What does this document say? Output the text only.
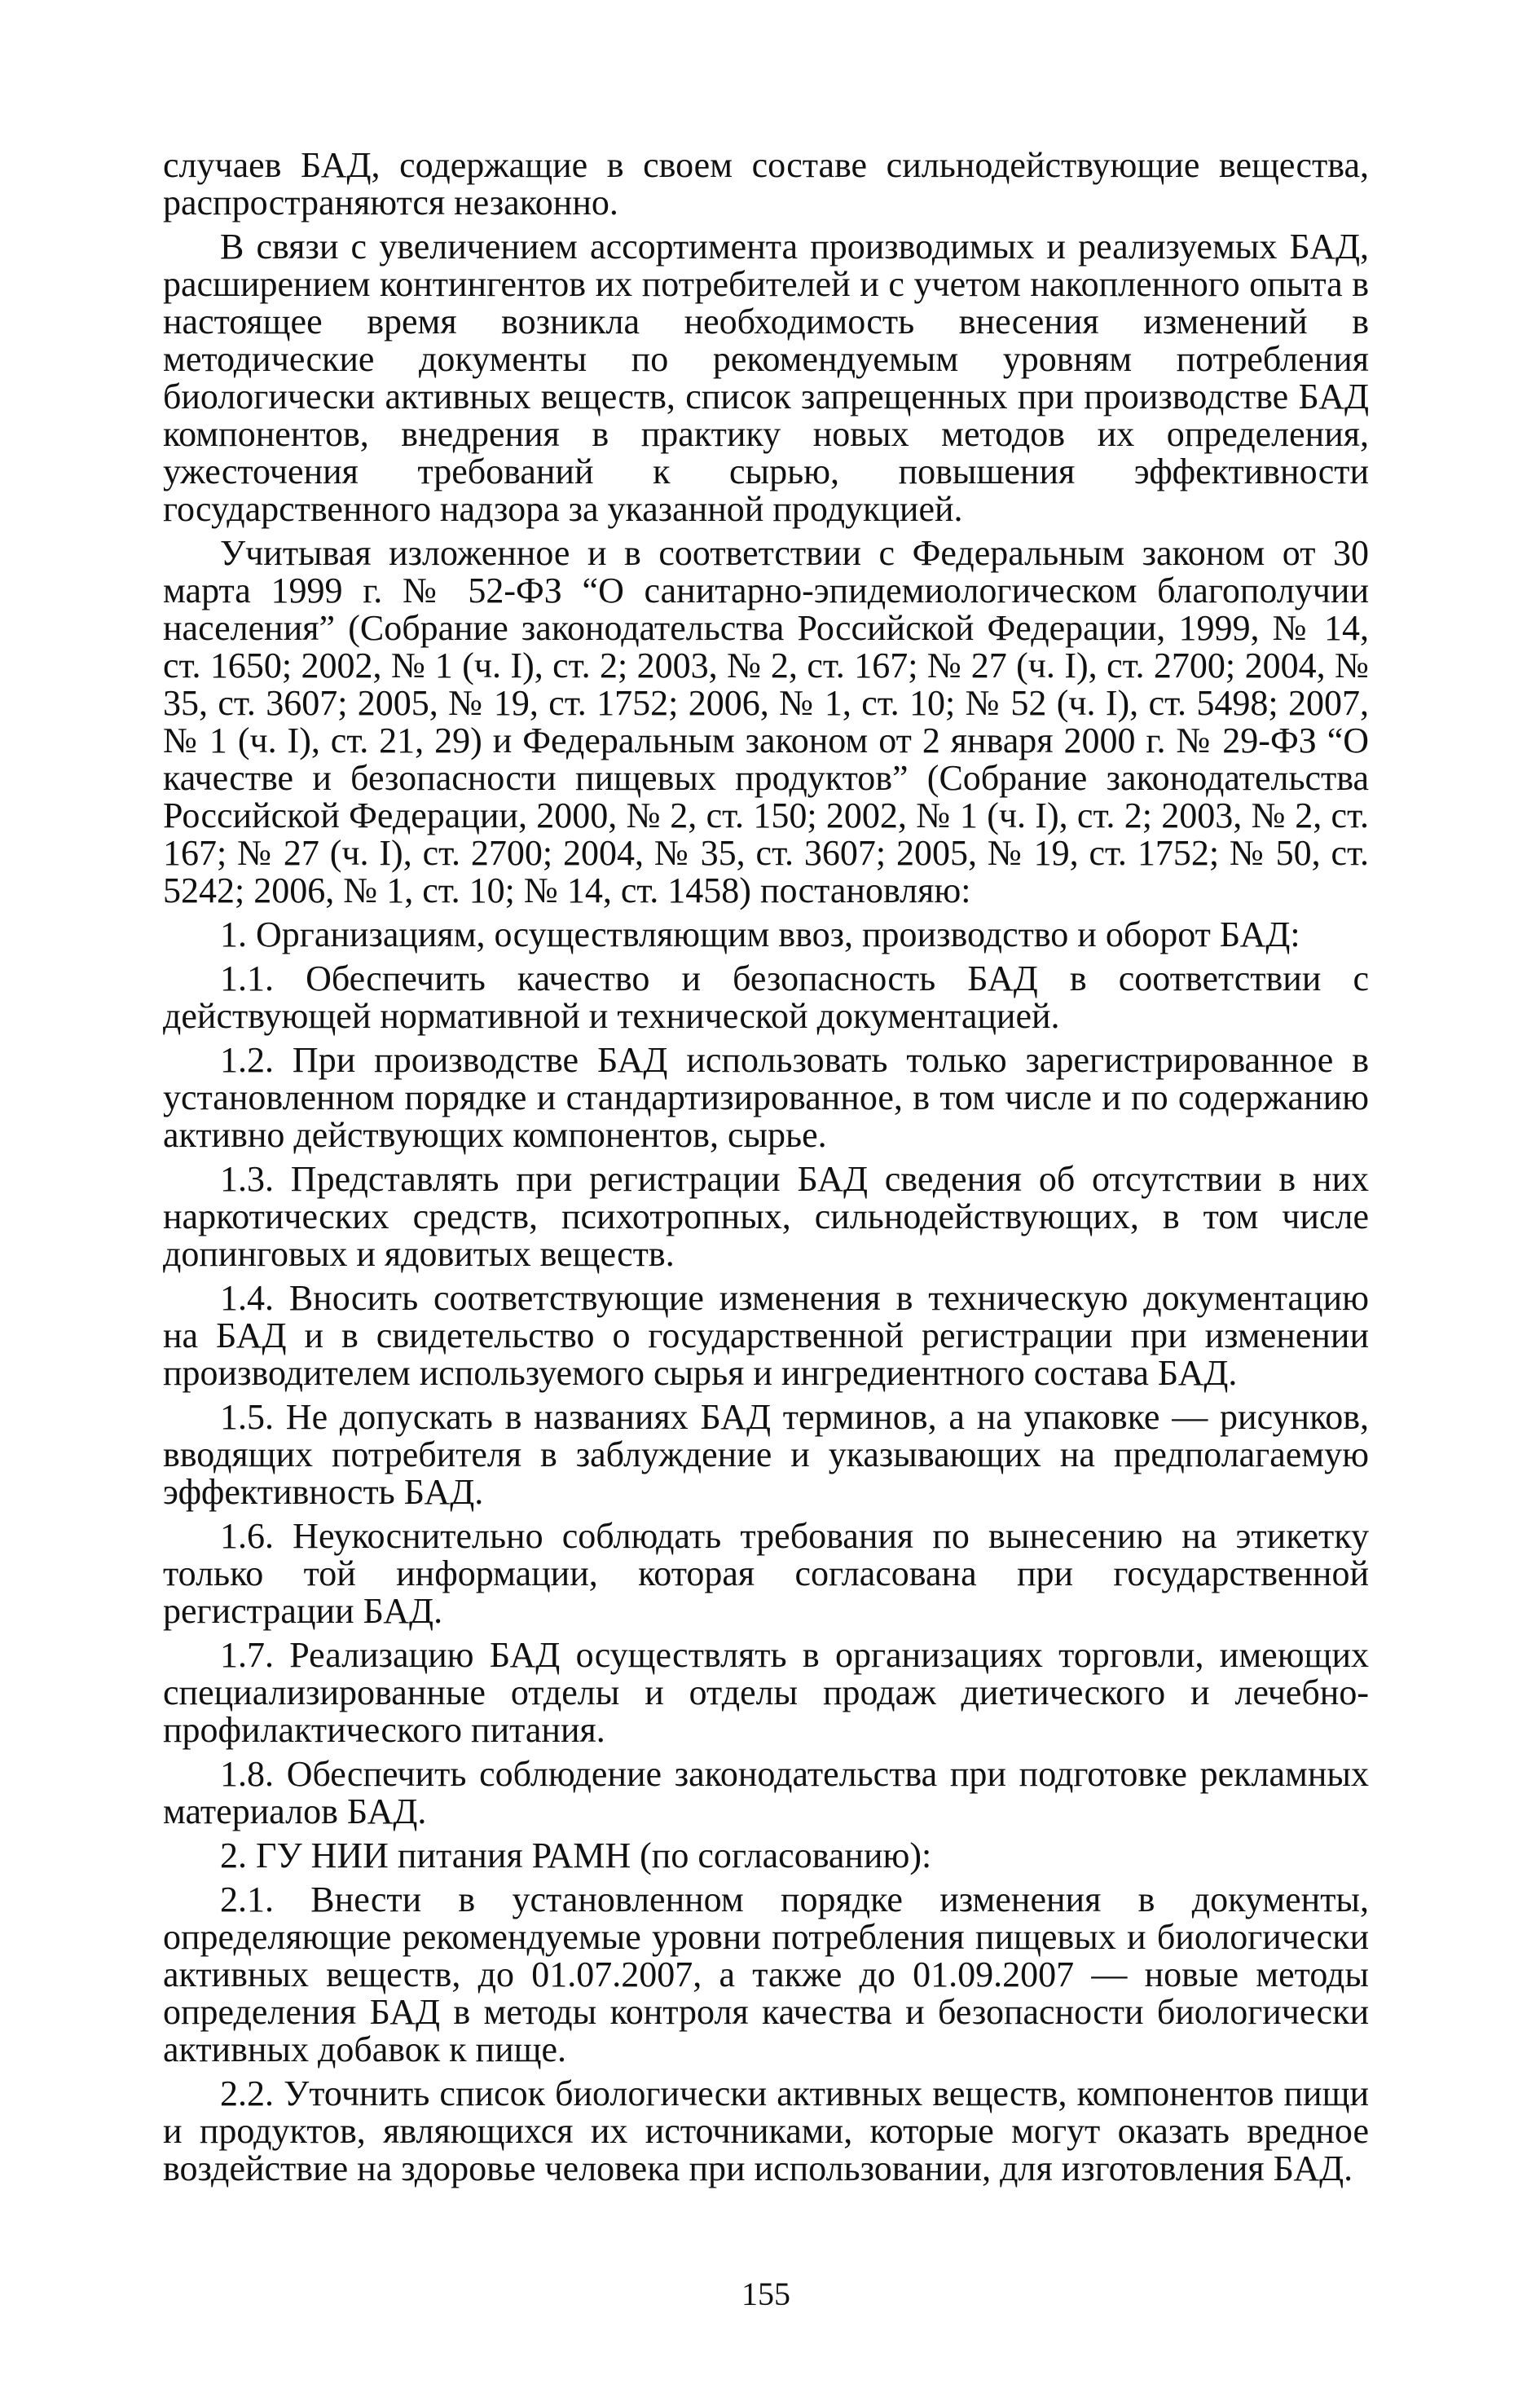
случаев БАД, содержащие в своем составе сильнодействующие вещества, распространяются незаконно.

В связи с увеличением ассортимента производимых и реализуемых БАД, расширением контингентов их потребителей и с учетом накопленного опыта в настоящее время возникла необходимость внесения изменений в методические документы по рекомендуемым уровням потребления биологически активных веществ, список запрещенных при производстве БАД компонентов, внедрения в практику новых методов их определения, ужесточения требований к сырью, повышения эффективности государственного надзора за указанной продукцией.

Учитывая изложенное и в соответствии с Федеральным законом от 30 марта 1999 г. № 52-ФЗ “О санитарно-эпидемиологическом благополучии населения” (Собрание законодательства Российской Федерации, 1999, № 14, ст. 1650; 2002, № 1 (ч. I), ст. 2; 2003, № 2, ст. 167; № 27 (ч. I), ст. 2700; 2004, № 35, ст. 3607; 2005, № 19, ст. 1752; 2006, № 1, ст. 10; № 52 (ч. I), ст. 5498; 2007, № 1 (ч. I), ст. 21, 29) и Федеральным законом от 2 января 2000 г. № 29-ФЗ “О качестве и безопасности пищевых продуктов” (Собрание законодательства Российской Федерации, 2000, № 2, ст. 150; 2002, № 1 (ч. I), ст. 2; 2003, № 2, ст. 167; № 27 (ч. I), ст. 2700; 2004, № 35, ст. 3607; 2005, № 19, ст. 1752; № 50, ст. 5242; 2006, № 1, ст. 10; № 14, ст. 1458) постановляю:

1. Организациям, осуществляющим ввоз, производство и оборот БАД:

1.1. Обеспечить качество и безопасность БАД в соответствии с действующей нормативной и технической документацией.

1.2. При производстве БАД использовать только зарегистрированное в установленном порядке и стандартизированное, в том числе и по содержанию активно действующих компонентов, сырье.

1.3. Представлять при регистрации БАД сведения об отсутствии в них наркотических средств, психотропных, сильнодействующих, в том числе допинговых и ядовитых веществ.

1.4. Вносить соответствующие изменения в техническую документацию на БАД и в свидетельство о государственной регистрации при изменении производителем используемого сырья и ингредиентного состава БАД.

1.5. Не допускать в названиях БАД терминов, а на упаковке — рисунков, вводящих потребителя в заблуждение и указывающих на предполагаемую эффективность БАД.

1.6. Неукоснительно соблюдать требования по вынесению на этикетку только той информации, которая согласована при государственной регистрации БАД.

1.7. Реализацию БАД осуществлять в организациях торговли, имеющих специализированные отделы и отделы продаж диетического и лечебно-профилактического питания.

1.8. Обеспечить соблюдение законодательства при подготовке рекламных материалов БАД.

2. ГУ НИИ питания РАМН (по согласованию):

2.1. Внести в установленном порядке изменения в документы, определяющие рекомендуемые уровни потребления пищевых и биологически активных веществ, до 01.07.2007, а также до 01.09.2007 — новые методы определения БАД в методы контроля качества и безопасности биологически активных добавок к пище.

2.2. Уточнить список биологически активных веществ, компонентов пищи и продуктов, являющихся их источниками, которые могут оказать вредное воздействие на здоровье человека при использовании, для изготовления БАД.

155
